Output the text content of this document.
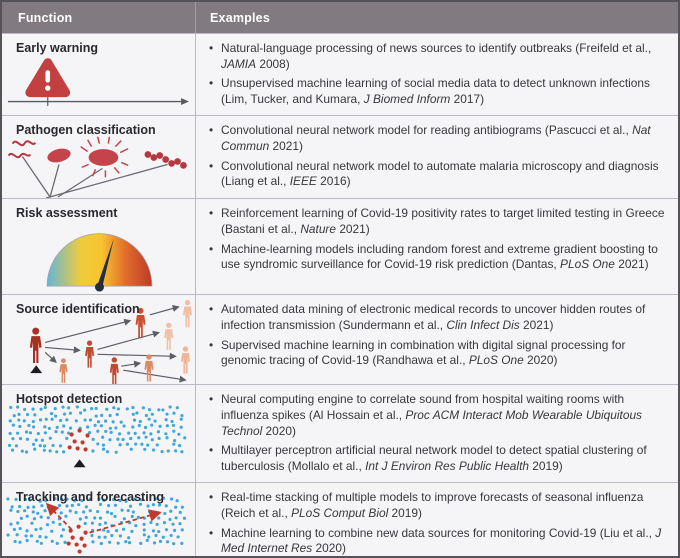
Function	Examples
Early warning •	Natural-language processing of news sources to identify outbreaks (Freifeld et al., JAMIA 2008)
•
Unsupervised machine learning of social media data to detect unknown infections (Lim, Tucker, and Kumara, J Biomed Inform 2017)
Pathogen classification •	Convolutional neural network model for reading antibiograms (Pascucci et al., Nat Commun 2021)
•
Convolutional neural network model to automate malaria microscopy and diagnosis (Liang et al., IEEE 2016)
Risk assessment •	Reinforcement learning of Covid-19 positivity rates to target limited testing in Greece (Bastani et al., Nature 2021)
•
Machine-learning models including random forest and extreme gradient boosting to use syndromic surveillance for Covid-19 risk prediction (Dantas, PLoS One 2021)
Source identification •	Automated data mining of electronic medical records to uncover hidden routes of infection transmission (Sundermann et al., Clin Infect Dis 2021)
•
Supervised machine learning in combination with digital signal processing for genomic tracing of Covid-19 (Randhawa et al., PLoS One 2020)
Hotspot detection •	Neural computing engine to correlate sound from hospital waiting rooms with influenza spikes (Al Hossain et al., Proc ACM Interact Mob Wearable Ubiquitous Technol 2020)
•
Multilayer perceptron artificial neural network model to detect spatial clustering of tuberculosis (Mollalo et al., Int J Environ Res Public Health 2019)
Tracking and forecasting •	Real-time stacking of multiple models to improve forecasts of seasonal influenza (Reich et al., PLoS Comput Biol 2019)
•
Machine learning to combine new data sources for monitoring Covid-19 (Liu et al., J Med Internet Res 2020)
